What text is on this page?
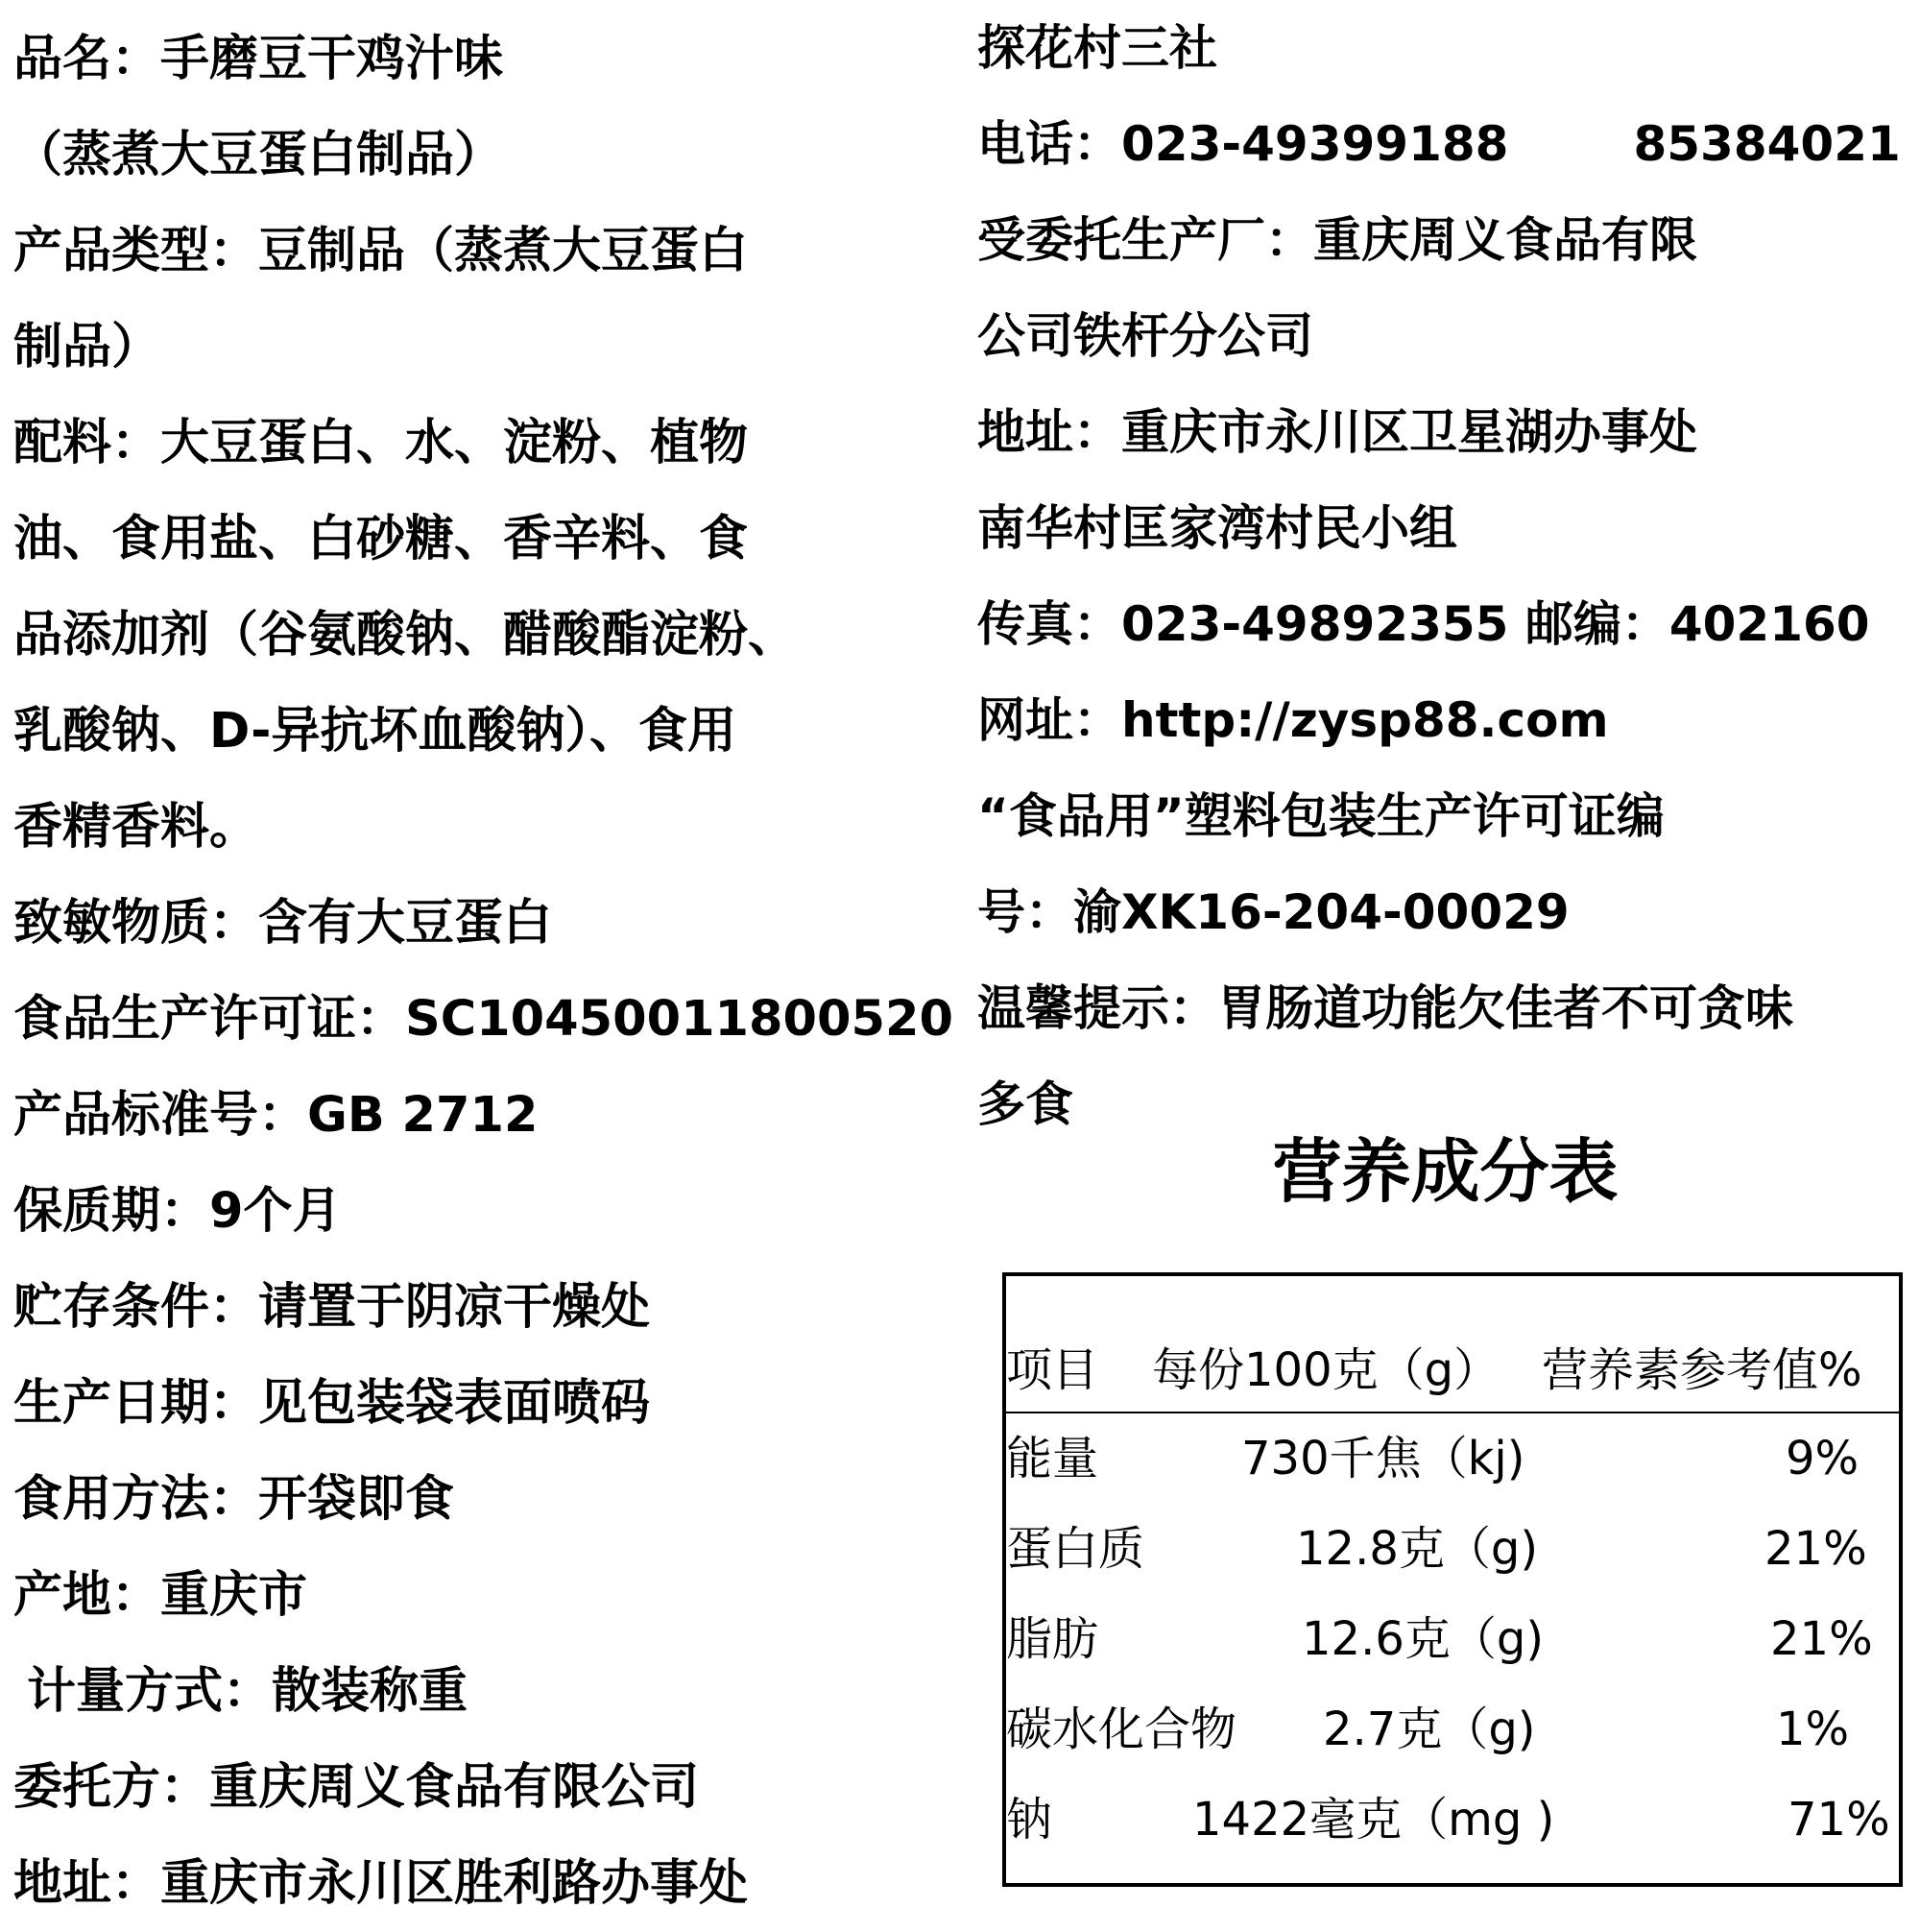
品名：手磨豆干鸡汁味
（蒸煮大豆蛋白制品）
产品类型：豆制品（蒸煮大豆蛋白
制品）
配料：大豆蛋白、水、淀粉、植物
油、食用盐、白砂糖、香辛料、食
品添加剂（谷氨酸钠、醋酸酯淀粉、
乳酸钠、D-异抗坏血酸钠）、食用
香精香料。
致敏物质：含有大豆蛋白
食品生产许可证：SC10450011800520
产品标准号：GB 2712
保质期：9个月
贮存条件：请置于阴凉干燥处
生产日期：见包装袋表面喷码
食用方法：开袋即食
产地：重庆市
计量方式：散装称重
委托方：重庆周义食品有限公司
地址：重庆市永川区胜利路办事处
探花村三社
电话：023-49399188	85384021
受委托生产厂：重庆周义食品有限
公司铁杆分公司
地址：重庆市永川区卫星湖办事处
南华村匡家湾村民小组
传真：023-49892355 邮编：402160
网址：http://zysp88.com
“食品用”塑料包装生产许可证编
号：渝XK16-204-00029
温馨提示：胃肠道功能欠佳者不可贪味
多食
营养成分表
项目 每份100克（g） 营养素参考值%
能量	730千焦（kj)	9%
蛋白质	12.8克（g)	21%
脂肪	12.6克（g)	21%
碳水化合物 2.7克（g)	1%
钠	1422毫克（mg )	71%
